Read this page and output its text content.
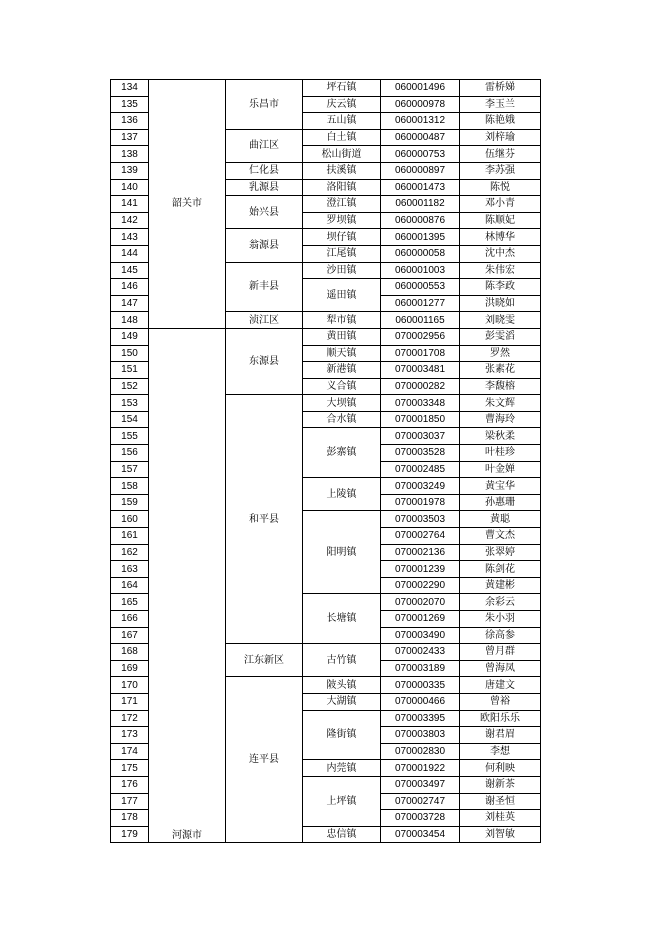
134	韶关市	乐昌市	坪石镇	060001496	雷桥娣
135			庆云镇	060000978	李玉兰
136			五山镇	060001312	陈艳娥
137		曲江区	白土镇	060000487	刘梓瑜
138			松山街道	060000753	伍继芬
139		仁化县	扶溪镇	060000897	李苏强
140		乳源县	洛阳镇	060001473	陈悦
141		始兴县	澄江镇	060001182	邓小青
142			罗坝镇	060000876	陈顺妃
143		翁源县	坝仔镇	060001395	林博华
144			江尾镇	060000058	沈中杰
145		新丰县	沙田镇	060001003	朱伟宏
146			遥田镇	060000553	陈李政
147				060001277	洪晓如
148		浈江区	犁市镇	060001165	刘晓雯
149	河源市	东源县	黄田镇	070002956	彭雯滔
150			顺天镇	070001708	罗然
151			新港镇	070003481	张素花
152			义合镇	070000282	李馥榕
153		和平县	大坝镇	070003348	朱文辉
154			合水镇	070001850	曹海玲
155			彭寨镇	070003037	梁秋柔
156				070003528	叶桂珍
157				070002485	叶金婵
158			上陵镇	070003249	黄宝华
159				070001978	孙惠珊
160			阳明镇	070003503	黄聪
161				070002764	曹文杰
162				070002136	张翠婷
163				070001239	陈剑花
164				070002290	黄建彬
165			长塘镇	070002070	余彩云
166				070001269	朱小羽
167				070003490	徐高参
168		江东新区	古竹镇	070002433	曾月群
169				070003189	曾海凤
170		连平县	陂头镇	070000335	唐建文
171			大湖镇	070000466	曾裕
172			隆街镇	070003395	欧阳乐乐
173				070003803	谢君眉
174				070002830	李想
175			内莞镇	070001922	何利映
176			上坪镇	070003497	谢新茶
177				070002747	谢圣恒
178				070003728	刘桂英
179			忠信镇	070003454	刘智敏
